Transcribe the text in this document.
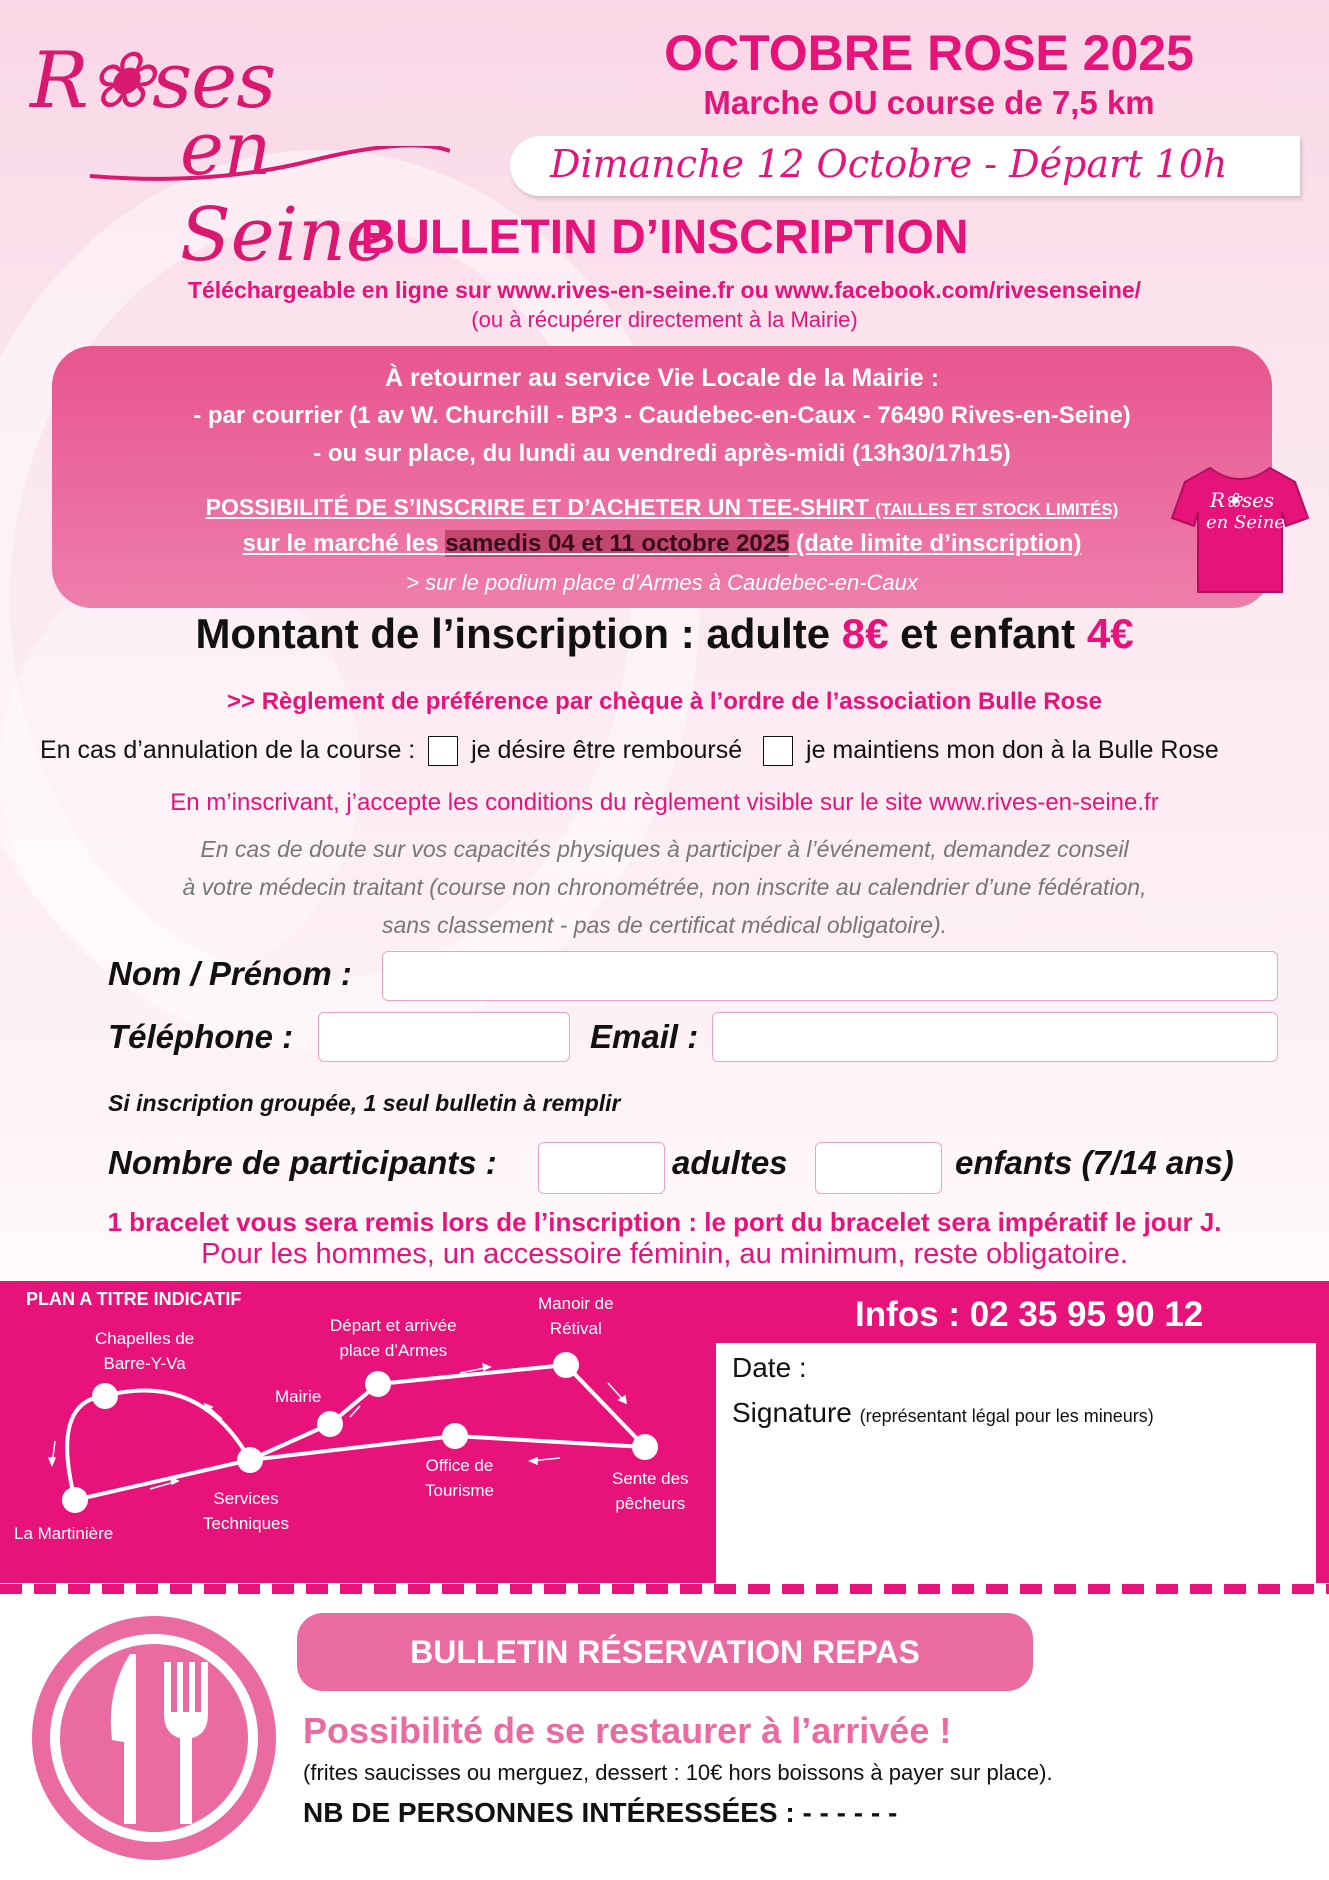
R❀ses
en Seine
OCTOBRE ROSE 2025
Marche OU course de 7,5 km
Dimanche 12 Octobre - Départ 10h
BULLETIN D’INSCRIPTION
Téléchargeable en ligne sur www.rives-en-seine.fr ou www.facebook.com/rivesenseine/
(ou à récupérer directement à la Mairie)
À retourner au service Vie Locale de la Mairie :
- par courrier (1 av W. Churchill - BP3 - Caudebec-en-Caux - 76490 Rives-en-Seine)
- ou sur place, du lundi au vendredi après-midi (13h30/17h15)
POSSIBILITÉ DE S’INSCRIRE ET D’ACHETER UN TEE-SHIRT (TAILLES ET STOCK LIMITÉS)
sur le marché les samedis 04 et 11 octobre 2025 (date limite d’inscription)
> sur le podium place d’Armes à Caudebec-en-Caux
R❀ses
en Seine
Montant de l’inscription : adulte 8€ et enfant 4€
>> Règlement de préférence par chèque à l’ordre de l’association Bulle Rose
En cas d’annulation de la course : je désire être remboursé	je maintiens mon don à la Bulle Rose
En m’inscrivant, j’accepte les conditions du règlement visible sur le site www.rives-en-seine.fr
En cas de doute sur vos capacités physiques à participer à l’événement, demandez conseil
à votre médecin traitant (course non chronométrée, non inscrite au calendrier d’une fédération,
sans classement - pas de certificat médical obligatoire).
Nom / Prénom :
Téléphone :	Email :
Si inscription groupée, 1 seul bulletin à remplir
Nombre de participants :	adultes	enfants (7/14 ans)
1 bracelet vous sera remis lors de l’inscription : le port du bracelet sera impératif le jour J.
Pour les hommes, un accessoire féminin, au minimum, reste obligatoire.
Infos : 02 35 95 90 12
Date :
Signature (représentant légal pour les mineurs)
PLAN A TITRE INDICATIF
Chapelles de
Barre-Y-Va
Départ et arrivée
place d’Armes
Manoir de
Rétival
Mairie
Office de
Tourisme
Sente des
pêcheurs
Services
Techniques
La Martinière
BULLETIN RÉSERVATION REPAS
Possibilité de se restaurer à l’arrivée !
(frites saucisses ou merguez, dessert : 10€ hors boissons à payer sur place).
NB DE PERSONNES INTÉRESSÉES : - - - - - -
